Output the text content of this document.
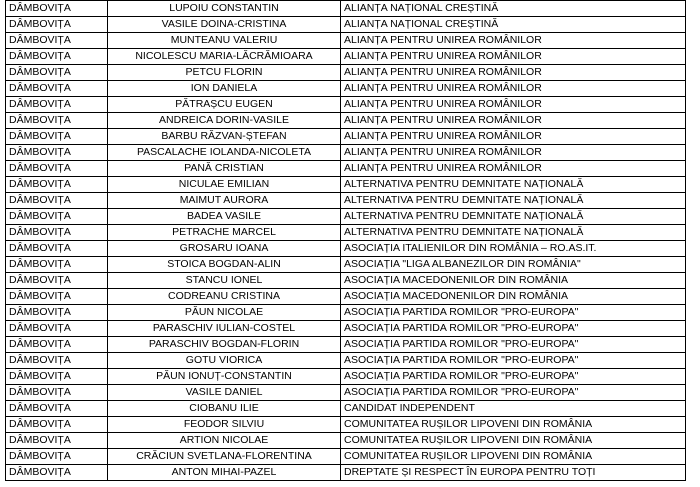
DÂMBOVIȚA	LUPOIU CONSTANTIN	ALIANȚA NAȚIONAL CREȘTINĂ
DÂMBOVIȚA	VASILE DOINA-CRISTINA	ALIANȚA NAȚIONAL CREȘTINĂ
DÂMBOVIȚA	MUNTEANU VALERIU	ALIANȚA PENTRU UNIREA ROMÂNILOR
DÂMBOVIȚA	NICOLESCU MARIA-LĂCRĂMIOARA	ALIANȚA PENTRU UNIREA ROMÂNILOR
DÂMBOVIȚA	PETCU FLORIN	ALIANȚA PENTRU UNIREA ROMÂNILOR
DÂMBOVIȚA	ION DANIELA	ALIANȚA PENTRU UNIREA ROMÂNILOR
DÂMBOVIȚA	PĂTRAȘCU EUGEN	ALIANȚA PENTRU UNIREA ROMÂNILOR
DÂMBOVIȚA	ANDREICA DORIN-VASILE	ALIANȚA PENTRU UNIREA ROMÂNILOR
DÂMBOVIȚA	BARBU RĂZVAN-ȘTEFAN	ALIANȚA PENTRU UNIREA ROMÂNILOR
DÂMBOVIȚA	PASCALACHE IOLANDA-NICOLETA	ALIANȚA PENTRU UNIREA ROMÂNILOR
DÂMBOVIȚA	PANĂ CRISTIAN	ALIANȚA PENTRU UNIREA ROMÂNILOR
DÂMBOVIȚA	NICULAE EMILIAN	ALTERNATIVA PENTRU DEMNITATE NAȚIONALĂ
DÂMBOVIȚA	MAIMUT AURORA	ALTERNATIVA PENTRU DEMNITATE NAȚIONALĂ
DÂMBOVIȚA	BADEA VASILE	ALTERNATIVA PENTRU DEMNITATE NAȚIONALĂ
DÂMBOVIȚA	PETRACHE MARCEL	ALTERNATIVA PENTRU DEMNITATE NAȚIONALĂ
DÂMBOVIȚA	GROSARU IOANA	ASOCIAȚIA ITALIENILOR DIN ROMÂNIA – RO.AS.IT.
DÂMBOVIȚA	STOICA BOGDAN-ALIN	ASOCIAȚIA "LIGA ALBANEZILOR DIN ROMÂNIA"
DÂMBOVIȚA	STANCU IONEL	ASOCIAȚIA MACEDONENILOR DIN ROMÂNIA
DÂMBOVIȚA	CODREANU CRISTINA	ASOCIAȚIA MACEDONENILOR DIN ROMÂNIA
DÂMBOVIȚA	PĂUN NICOLAE	ASOCIAȚIA PARTIDA ROMILOR "PRO-EUROPA"
DÂMBOVIȚA	PARASCHIV IULIAN-COSTEL	ASOCIAȚIA PARTIDA ROMILOR "PRO-EUROPA"
DÂMBOVIȚA	PARASCHIV BOGDAN-FLORIN	ASOCIAȚIA PARTIDA ROMILOR "PRO-EUROPA"
DÂMBOVIȚA	GOTU VIORICA	ASOCIAȚIA PARTIDA ROMILOR "PRO-EUROPA"
DÂMBOVIȚA	PĂUN IONUȚ-CONSTANTIN	ASOCIAȚIA PARTIDA ROMILOR "PRO-EUROPA"
DÂMBOVIȚA	VASILE DANIEL	ASOCIAȚIA PARTIDA ROMILOR "PRO-EUROPA"
DÂMBOVIȚA	CIOBANU ILIE	CANDIDAT INDEPENDENT
DÂMBOVIȚA	FEODOR SILVIU	COMUNITATEA RUȘILOR LIPOVENI DIN ROMÂNIA
DÂMBOVIȚA	ARTION NICOLAE	COMUNITATEA RUȘILOR LIPOVENI DIN ROMÂNIA
DÂMBOVIȚA	CRĂCIUN SVETLANA-FLORENTINA	COMUNITATEA RUȘILOR LIPOVENI DIN ROMÂNIA
DÂMBOVIȚA	ANTON MIHAI-PAZEL	DREPTATE ȘI RESPECT ÎN EUROPA PENTRU TOȚI
